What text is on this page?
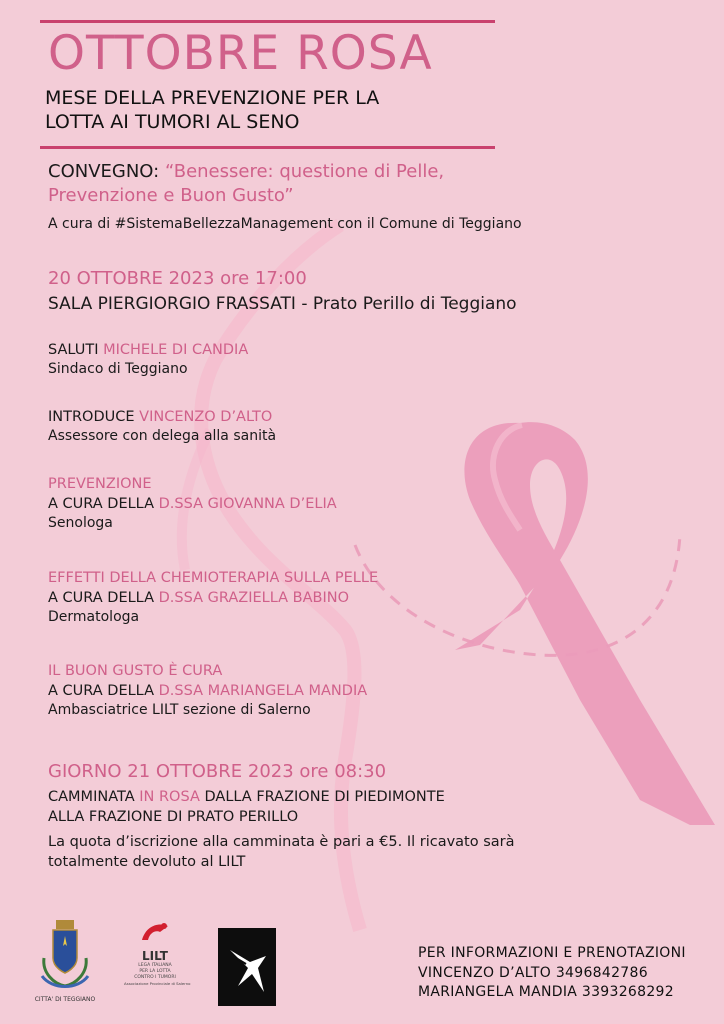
OTTOBRE ROSA
MESE DELLA PREVENZIONE PER LA
LOTTA AI TUMORI AL SENO
CONVEGNO: “Benessere: questione di Pelle,
Prevenzione e Buon Gusto”
A cura di #SistemaBellezzaManagement con il Comune di Teggiano
20 OTTOBRE 2023 ore 17:00
SALA PIERGIORGIO FRASSATI - Prato Perillo di Teggiano
SALUTI MICHELE DI CANDIA
Sindaco di Teggiano
INTRODUCE VINCENZO D’ALTO
Assessore con delega alla sanità
PREVENZIONE
A CURA DELLA D.SSA GIOVANNA D’ELIA
Senologa
EFFETTI DELLA CHEMIOTERAPIA SULLA PELLE
A CURA DELLA D.SSA GRAZIELLA BABINO
Dermatologa
IL BUON GUSTO È CURA
A CURA DELLA D.SSA MARIANGELA MANDIA
Ambasciatrice LILT sezione di Salerno
GIORNO 21 OTTOBRE 2023 ore 08:30
CAMMINATA IN ROSA DALLA FRAZIONE DI PIEDIMONTE
ALLA FRAZIONE DI PRATO PERILLO
La quota d’iscrizione alla camminata è pari a €5. Il ricavato sarà
totalmente devoluto al LILT
CITTA' DI TEGGIANO
LILT
LEGA ITALIANA
PER LA LOTTA
CONTRO I TUMORI
Associazione Provinciale di Salerno
PER INFORMAZIONI E PRENOTAZIONI
VINCENZO D’ALTO 3496842786
MARIANGELA MANDIA 3393268292
